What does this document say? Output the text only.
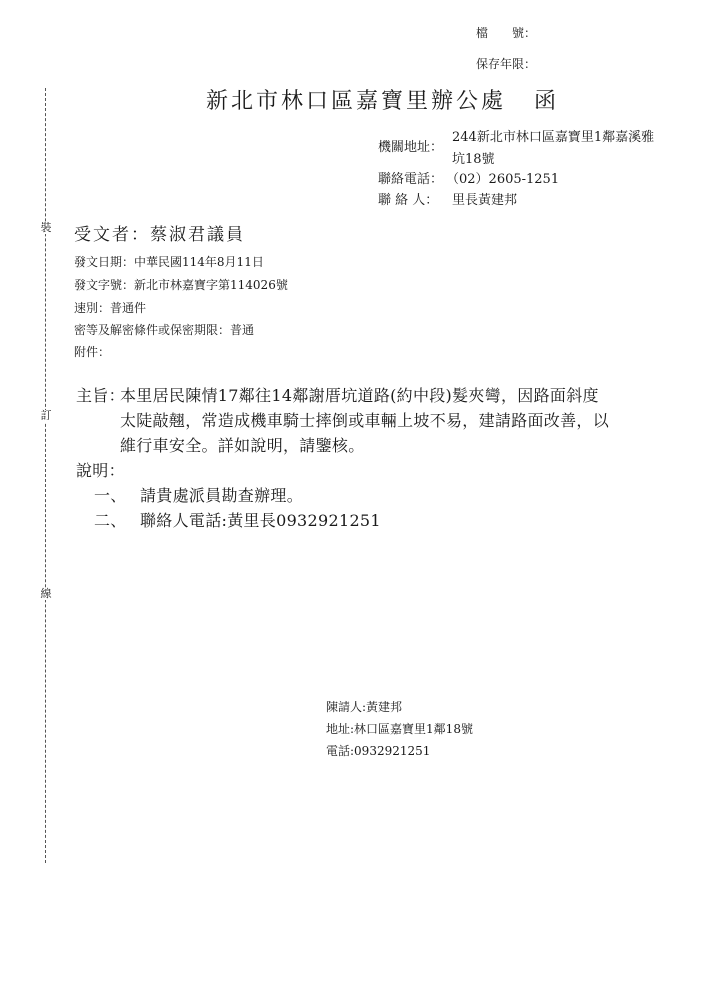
檔　　號：
保存年限：
新北市林口區嘉寶里辦公處 函
機關地址：
244新北市林口區嘉寶里1鄰嘉溪雅
坑18號
聯絡電話： （02）2605-1251
聯 絡 人： 里長黃建邦
裝
訂
線
受文者：蔡淑君議員
發文日期：中華民國114年8月11日
發文字號：新北市林嘉寶字第114026號
速別：普通件
密等及解密條件或保密期限：普通
附件：
主旨：
本里居民陳情17鄰往14鄰謝厝坑道路(約中段)髮夾彎，因路面斜度
太陡敲翹，常造成機車騎士摔倒或車輛上坡不易，建請路面改善，以
維行車安全。詳如說明，請鑒核。
說明：
一、 請貴處派員勘查辦理。
二、 聯絡人電話:黃里長0932921251
陳請人:黃建邦
地址:林口區嘉寶里1鄰18號
電話:0932921251
